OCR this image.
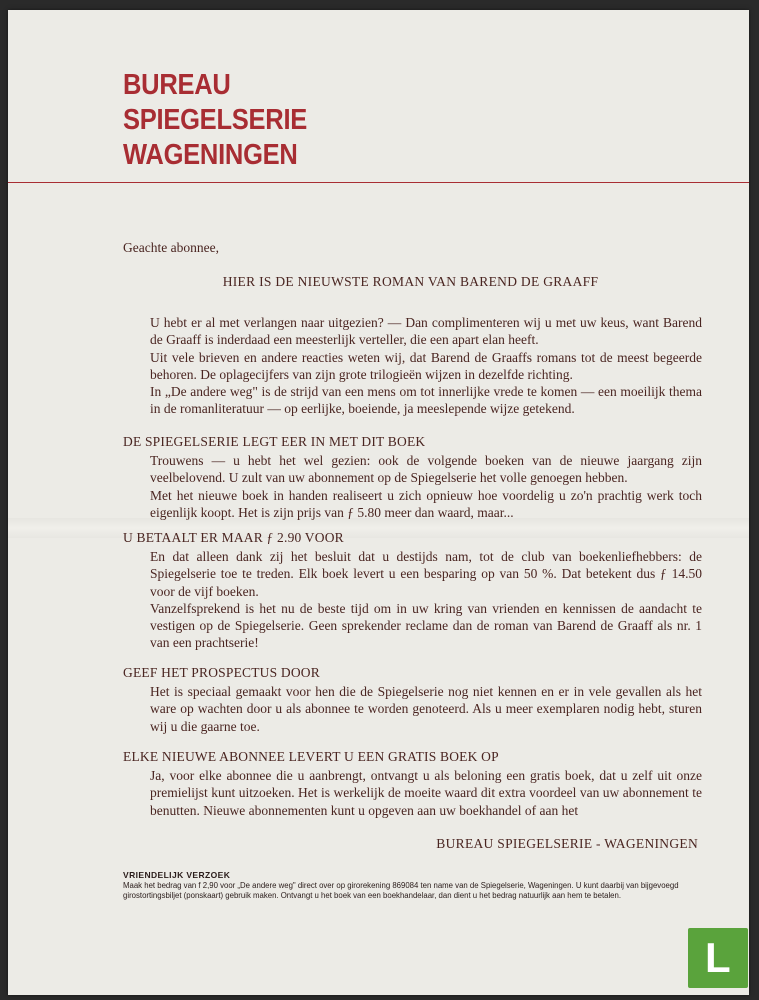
BUREAU
SPIEGELSERIE
WAGENINGEN
Geachte abonnee,
HIER IS DE NIEUWSTE ROMAN VAN BAREND DE GRAAFF

U hebt er al met verlangen naar uitgezien? — Dan complimenteren wij u met uw keus, want Barend de Graaff is inderdaad een meesterlijk verteller, die een apart elan heeft.

Uit vele brieven en andere reacties weten wij, dat Barend de Graaffs romans tot de meest begeerde behoren. De oplagecijfers van zijn grote trilogieën wijzen in dezelfde richting.

In „De andere weg" is de strijd van een mens om tot innerlijke vrede te komen — een moeilijk thema in de romanliteratuur — op eerlijke, boeiende, ja meeslepende wijze getekend.

DE SPIEGELSERIE LEGT EER IN MET DIT BOEK

Trouwens — u hebt het wel gezien: ook de volgende boeken van de nieuwe jaargang zijn veelbelovend. U zult van uw abonnement op de Spiegelserie het volle genoegen hebben.

Met het nieuwe boek in handen realiseert u zich opnieuw hoe voordelig u zo'n prachtig werk toch eigenlijk koopt. Het is zijn prijs van ƒ 5.80 meer dan waard, maar...

U BETAALT ER MAAR ƒ 2.90 VOOR

En dat alleen dank zij het besluit dat u destijds nam, tot de club van boekenliefhebbers: de Spiegelserie toe te treden. Elk boek levert u een besparing op van 50 %. Dat betekent dus ƒ 14.50 voor de vijf boeken.

Vanzelfsprekend is het nu de beste tijd om in uw kring van vrienden en kennissen de aandacht te vestigen op de Spiegelserie. Geen sprekender reclame dan de roman van Barend de Graaff als nr. 1 van een prachtserie!

GEEF HET PROSPECTUS DOOR

Het is speciaal gemaakt voor hen die de Spiegelserie nog niet kennen en er in vele gevallen als het ware op wachten door u als abonnee te worden genoteerd. Als u meer exemplaren nodig hebt, sturen wij u die gaarne toe.

ELKE NIEUWE ABONNEE LEVERT U EEN GRATIS BOEK OP

Ja, voor elke abonnee die u aanbrengt, ontvangt u als beloning een gratis boek, dat u zelf uit onze premielijst kunt uitzoeken. Het is werkelijk de moeite waard dit extra voordeel van uw abonnement te benutten. Nieuwe abonnementen kunt u opgeven aan uw boekhandel of aan het

BUREAU SPIEGELSERIE - WAGENINGEN
VRIENDELIJK VERZOEK
Maak het bedrag van f 2,90 voor „De andere weg" direct over op girorekening 869084 ten name van de Spiegelserie, Wageningen. U kunt daarbij van bijgevoegd girostortingsbiljet (ponskaart) gebruik maken. Ontvangt u het boek van een boekhandelaar, dan dient u het bedrag natuurlijk aan hem te betalen.
L
